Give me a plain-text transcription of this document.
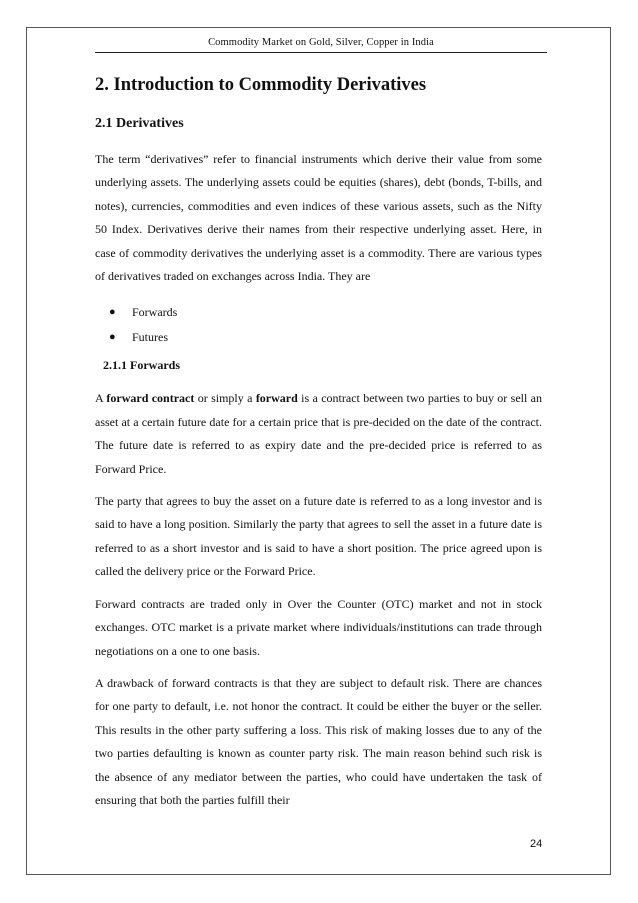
Commodity Market on Gold, Silver, Copper in India
2. Introduction to Commodity Derivatives
2.1 Derivatives

The term “derivatives” refer to financial instruments which derive their value from some underlying assets. The underlying assets could be equities (shares), debt (bonds, T-bills, and notes), currencies, commodities and even indices of these various assets, such as the Nifty 50 Index. Derivatives derive their names from their respective underlying asset. Here, in case of commodity derivatives the underlying asset is a commodity. There are various types of derivatives traded on exchanges across India. They are

● Forwards
● Futures
2.1.1 Forwards

A forward contract or simply a forward is a contract between two parties to buy or sell an asset at a certain future date for a certain price that is pre-decided on the date of the contract. The future date is referred to as expiry date and the pre-decided price is referred to as Forward Price.

The party that agrees to buy the asset on a future date is referred to as a long investor and is said to have a long position. Similarly the party that agrees to sell the asset in a future date is referred to as a short investor and is said to have a short position. The price agreed upon is called the delivery price or the Forward Price.

Forward contracts are traded only in Over the Counter (OTC) market and not in stock exchanges. OTC market is a private market where individuals/institutions can trade through negotiations on a one to one basis.

A drawback of forward contracts is that they are subject to default risk. There are chances for one party to default, i.e. not honor the contract. It could be either the buyer or the seller. This results in the other party suffering a loss. This risk of making losses due to any of the two parties defaulting is known as counter party risk. The main reason behind such risk is the absence of any mediator between the parties, who could have undertaken the task of ensuring that both the parties fulfill their

24
